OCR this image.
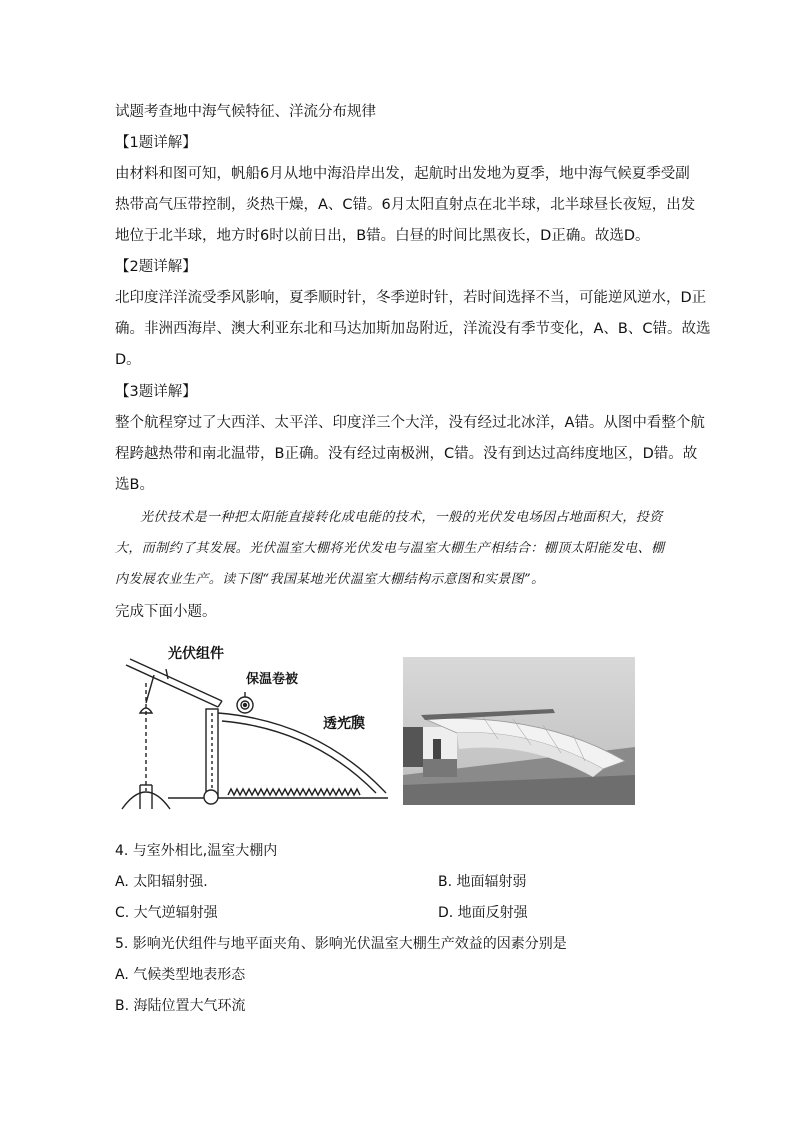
试题考查地中海气候特征、洋流分布规律
【1题详解】
由材料和图可知，帆船6月从地中海沿岸出发，起航时出发地为夏季，地中海气候夏季受副
热带高气压带控制，炎热干燥，A、C错。6月太阳直射点在北半球，北半球昼长夜短，出发
地位于北半球，地方时6时以前日出，B错。白昼的时间比黑夜长，D正确。故选D。
【2题详解】
北印度洋洋流受季风影响，夏季顺时针，冬季逆时针，若时间选择不当，可能逆风逆水，D正
确。非洲西海岸、澳大利亚东北和马达加斯加岛附近，洋流没有季节变化，A、B、C错。故选
D。
【3题详解】
整个航程穿过了大西洋、太平洋、印度洋三个大洋，没有经过北冰洋，A错。从图中看整个航
程跨越热带和南北温带，B正确。没有经过南极洲，C错。没有到达过高纬度地区，D错。故
选B。
光伏技术是一种把太阳能直接转化成电能的技术，一般的光伏发电场因占地面积大，投资
大，而制约了其发展。光伏温室大棚将光伏发电与温室大棚生产相结合：棚顶太阳能发电、棚
内发展农业生产。读下图“我国某地光伏温室大棚结构示意图和实景图”。
完成下面小题。
光伏组件
保温卷被
透光膜
4. 与室外相比,温室大棚内
A. 太阳辐射强.	B. 地面辐射弱
C. 大气逆辐射强	D. 地面反射强
5. 影响光伏组件与地平面夹角、影响光伏温室大棚生产效益的因素分别是
A. 气候类型地表形态
B. 海陆位置大气环流
